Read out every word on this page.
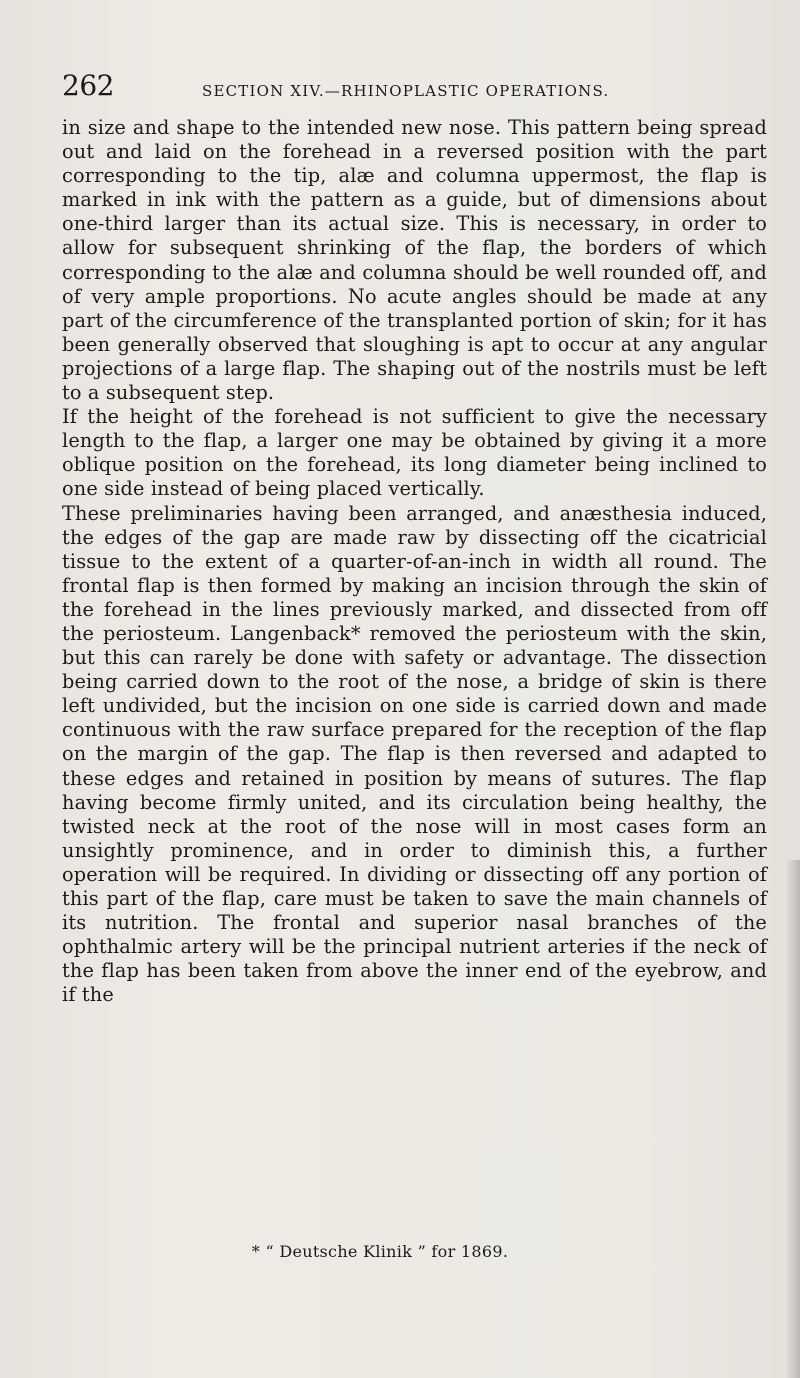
262	SECTION XIV.—RHINOPLASTIC OPERATIONS.

in size and shape to the intended new nose. This pattern being spread out and laid on the forehead in a reversed position with the part corresponding to the tip, alæ and columna uppermost, the flap is marked in ink with the pattern as a guide, but of dimensions about one-third larger than its actual size. This is necessary, in order to allow for subsequent shrinking of the flap, the borders of which corresponding to the alæ and columna should be well rounded off, and of very ample proportions. No acute angles should be made at any part of the circumference of the transplanted portion of skin; for it has been generally observed that sloughing is apt to occur at any angular projections of a large flap. The shaping out of the nostrils must be left to a subsequent step.

If the height of the forehead is not sufficient to give the necessary length to the flap, a larger one may be obtained by giving it a more oblique position on the forehead, its long diameter being inclined to one side instead of being placed vertically.

These preliminaries having been arranged, and anæsthesia induced, the edges of the gap are made raw by dissecting off the cicatricial tissue to the extent of a quarter-of-an-inch in width all round. The frontal flap is then formed by making an incision through the skin of the forehead in the lines previously marked, and dissected from off the periosteum. Langenback* removed the periosteum with the skin, but this can rarely be done with safety or advantage. The dissection being carried down to the root of the nose, a bridge of skin is there left undivided, but the incision on one side is carried down and made continuous with the raw surface prepared for the reception of the flap on the margin of the gap. The flap is then reversed and adapted to these edges and retained in position by means of sutures. The flap having become firmly united, and its circulation being healthy, the twisted neck at the root of the nose will in most cases form an unsightly prominence, and in order to diminish this, a further operation will be required. In dividing or dissecting off any portion of this part of the flap, care must be taken to save the main channels of its nutrition. The frontal and superior nasal branches of the ophthalmic artery will be the principal nutrient arteries if the neck of the flap has been taken from above the inner end of the eyebrow, and if the

* “ Deutsche Klinik ” for 1869.
